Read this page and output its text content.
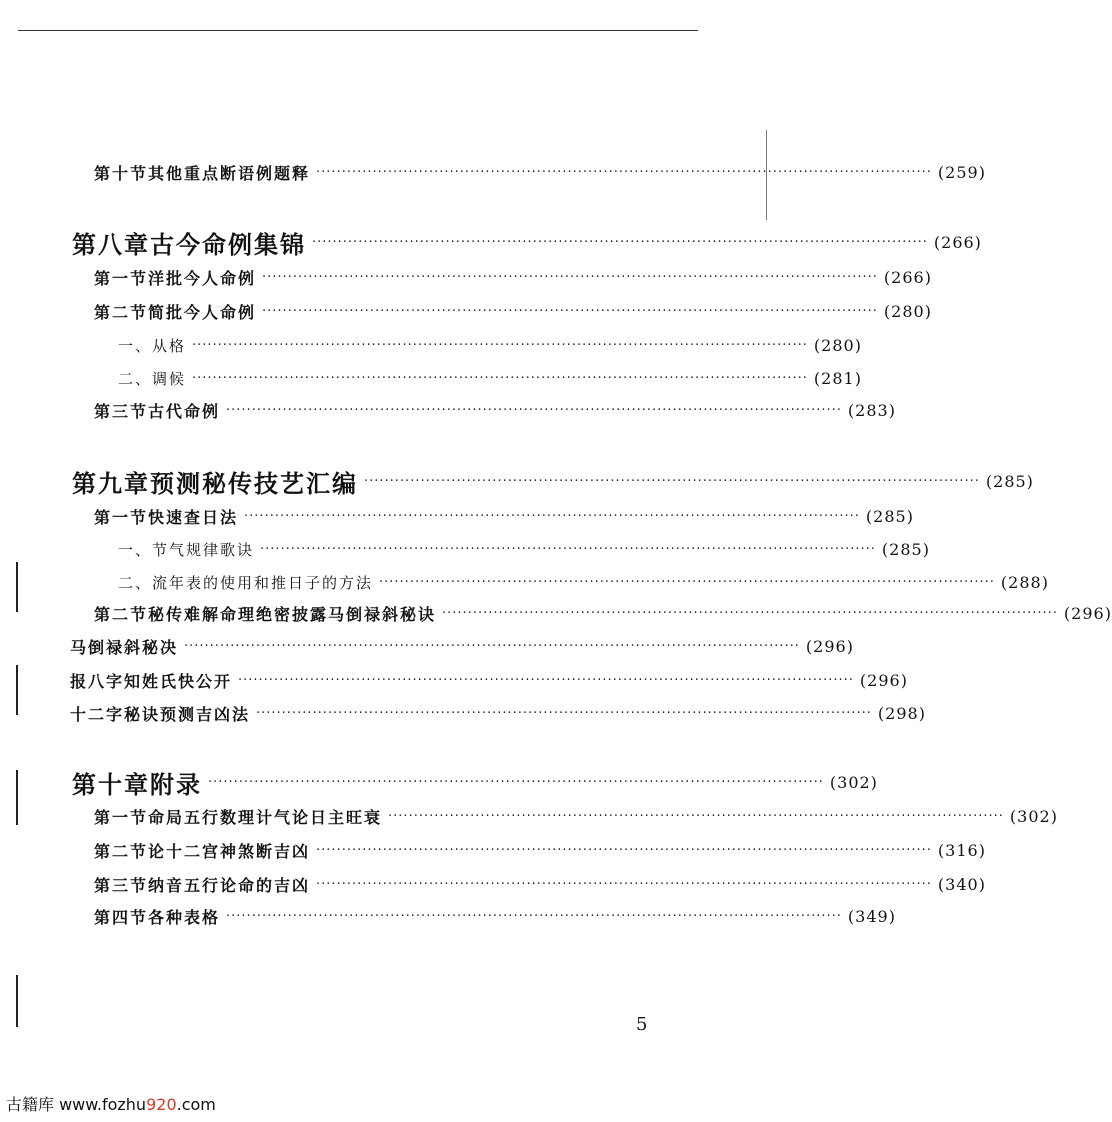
第十节 其他重点断语例题释 ························································································································ (259)
第八章 古今命例集锦 ························································································································ (266)
第一节 洋批今人命例 ························································································································ (266)
第二节 简批今人命例 ························································································································ (280)
一、从格 ························································································································ (280)
二、调候 ························································································································ (281)
第三节 古代命例 ························································································································ (283)
第九章 预测秘传技艺汇编 ························································································································ (285)
第一节 快速查日法 ························································································································ (285)
一、节气规律歌诀 ························································································································ (285)
二、流年表的使用和推日子的方法 ························································································································ (288)
第二节 秘传难解命理绝密披露马倒禄斜秘诀 ························································································································ (296)
马倒禄斜秘决 ························································································································ (296)
报八字知姓氏快公开 ························································································································ (296)
十二字秘诀预测吉凶法 ························································································································ (298)
第十章 附录 ························································································································ (302)
第一节 命局五行数理计气论日主旺衰 ························································································································ (302)
第二节 论十二宫神煞断吉凶 ························································································································ (316)
第三节 纳音五行论命的吉凶 ························································································································ (340)
第四节 各种表格 ························································································································ (349)
5
古籍库 www.fozhu920.com
